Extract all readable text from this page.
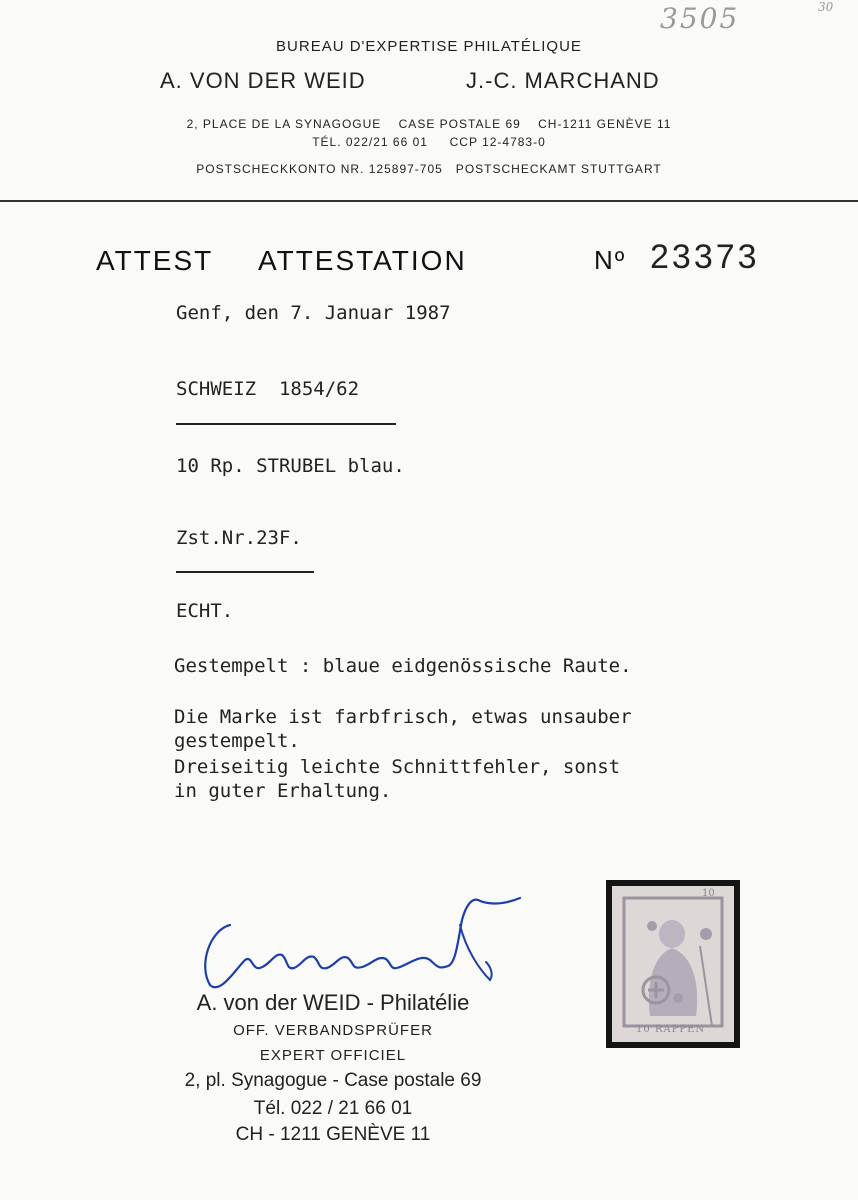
3505	30
BUREAU D'EXPERTISE PHILATÉLIQUE
A. VON DER WEID	J.-C. MARCHAND
2, PLACE DE LA SYNAGOGUE    CASE POSTALE 69    CH-1211 GENÈVE 11
TÉL. 022/21 66 01     CCP 12-4783-0
POSTSCHECKKONTO NR. 125897-705   POSTSCHECKAMT STUTTGART
ATTEST ATTESTATION	Nº 23373
Genf, den 7. Januar 1987
SCHWEIZ  1854/62
10 Rp. STRUBEL blau.
Zst.Nr.23F.
ECHT.
Gestempelt : blaue eidgenössische Raute.
Die Marke ist farbfrisch, etwas unsauber
gestempelt.
Dreiseitig leichte Schnittfehler, sonst
in guter Erhaltung.
A. von der WEID - Philatélie
OFF. VERBANDSPRÜFER
EXPERT OFFICIEL
2, pl. Synagogue - Case postale 69
Tél. 022 / 21 66 01
CH - 1211 GENÈVE 11
10 RAPPEN
10
